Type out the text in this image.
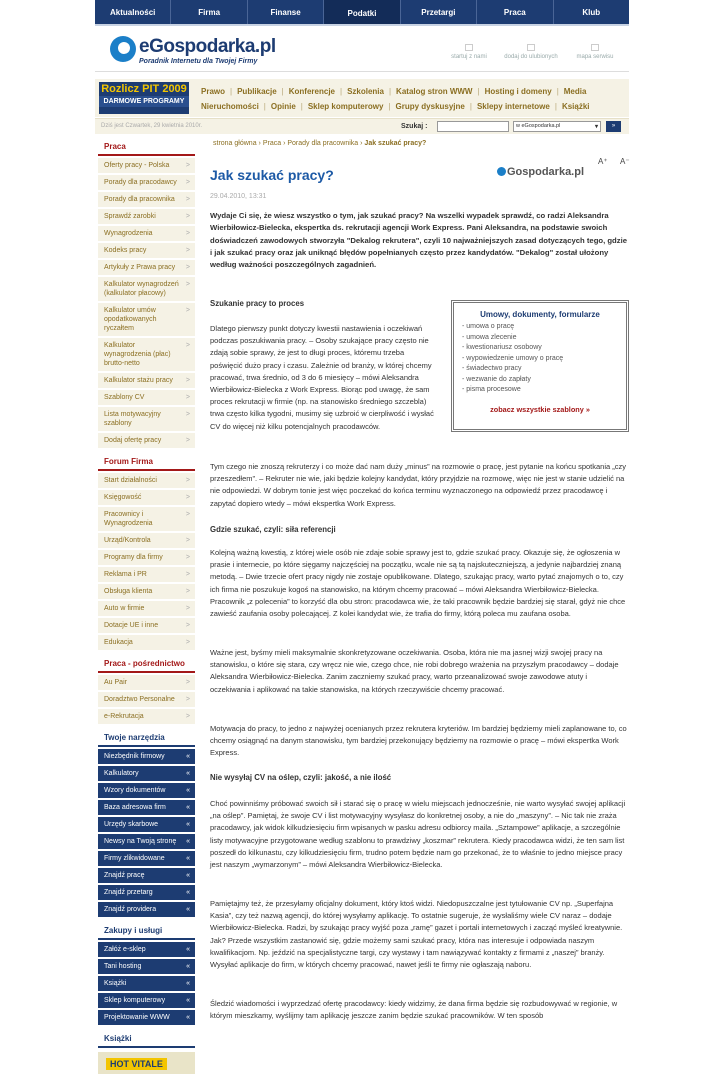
Aktualności	Firma	Finanse	Podatki	Przetargi	Praca	Klub
eGospodarka.pl
Poradnik Internetu dla Twojej Firmy
startuj z nami	dodaj do ulubionych	mapa serwisu
Rozlicz PIT 2009
DARMOWE PROGRAMY
Prawo | Publikacje | Konferencje | Szkolenia | Katalog stron WWW | Hosting i domeny | Media
Nieruchomości | Opinie | Sklep komputerowy | Grupy dyskusyjne | Sklepy internetowe | Książki
Dziś jest Czwartek, 29 kwietnia 2010r.	Szukaj :	w eGospodarka.pl	▾	»
Praca
Oferty pracy - Polska >
Porady dla pracodawcy >
Porady dla pracownika >
Sprawdź zarobki >
Wynagrodzenia >
Kodeks pracy >
Artykuły z Prawa pracy >
Kalkulator wynagrodzeń (kalkulator płacowy) >
Kalkulator umów opodatkowanych ryczałtem >
Kalkulator wynagrodzenia (płac) brutto-netto >
Kalkulator stażu pracy >
Szablony CV >
Lista motywacyjny szablony >
Dodaj ofertę pracy >
Forum Firma
Start działalności >
Księgowość >
Pracownicy i Wynagrodzenia >
Urząd/Kontrola >
Programy dla firmy >
Reklama i PR >
Obsługa klienta >
Auto w firmie >
Dotacje UE i inne >
Edukacja >
Praca - pośrednictwo
Au Pair >
Doradztwo Personalne >
e-Rekrutacja >
Twoje narzędzia
Niezbędnik firmowy «
Kalkulatory «
Wzory dokumentów «
Baza adresowa firm «
Urzędy skarbowe «
Newsy na Twoją stronę «
Firmy zlikwidowane «
Znajdź pracę «
Znajdź przetarg «
Znajdź providera «
Zakupy i usługi
Załóż e-sklep «
Tani hosting «
Książki «
Sklep komputerowy «
Projektowanie WWW «
Książki
HOT VITALE
strona główna › Praca › Porady dla pracownika › Jak szukać pracy?
A⁺ A⁻
Jak szukać pracy?	Gospodarka.pl
29.04.2010, 13:31

Wydaje Ci się, że wiesz wszystko o tym, jak szukać pracy? Na wszelki wypadek sprawdź, co radzi Aleksandra Wierbiłowicz-Bielecka, ekspertka ds. rekrutacji agencji Work Express. Pani Aleksandra, na podstawie swoich doświadczeń zawodowych stworzyła "Dekalog rekrutera", czyli 10 najważniejszych zasad dotyczących tego, gdzie i jak szukać pracy oraz jak uniknąć błędów popełnianych często przez kandydatów. "Dekalog" został ułożony według ważności poszczególnych zagadnień.

Szukanie pracy to proces

Dlatego pierwszy punkt dotyczy kwestii nastawienia i oczekiwań podczas poszukiwania pracy. – Osoby szukające pracy często nie zdają sobie sprawy, że jest to długi proces, któremu trzeba poświęcić dużo pracy i czasu. Zależnie od branży, w której chcemy pracować, trwa średnio, od 3 do 6 miesięcy – mówi Aleksandra Wierbiłowicz-Bielecka z Work Express. Biorąc pod uwagę, że sam proces rekrutacji w firmie (np. na stanowisko średniego szczebla) trwa często kilka tygodni, musimy się uzbroić w cierpliwość i wysłać CV do więcej niż kilku potencjalnych pracodawców.

Umowy, dokumenty, formularze
- umowa o pracę
- umowa zlecenie
- kwestionariusz osobowy
- wypowiedzenie umowy o pracę
- świadectwo pracy
- wezwanie do zapłaty
- pisma procesowe
zobacz wszystkie szablony »

Tym czego nie znoszą rekruterzy i co może dać nam duży „minus” na rozmowie o pracę, jest pytanie na końcu spotkania „czy przeszedłem”. – Rekruter nie wie, jaki będzie kolejny kandydat, który przyjdzie na rozmowę, więc nie jest w stanie udzielić na nie odpowiedzi. W dobrym tonie jest więc poczekać do końca terminu wyznaczonego na odpowiedź przez pracodawcę i zapytać dopiero wtedy – mówi ekspertka Work Express.

Gdzie szukać, czyli: siła referencji

Kolejną ważną kwestią, z której wiele osób nie zdaje sobie sprawy jest to, gdzie szukać pracy. Okazuje się, że ogłoszenia w prasie i internecie, po które sięgamy najczęściej na początku, wcale nie są tą najskuteczniejszą, a jedynie najbardziej znaną metodą. – Dwie trzecie ofert pracy nigdy nie zostaje opublikowane. Dlatego, szukając pracy, warto pytać znajomych o to, czy ich firma nie poszukuje kogoś na stanowisko, na którym chcemy pracować – mówi Aleksandra Wierbiłowicz-Bielecka. Pracownik „z polecenia” to korzyść dla obu stron: pracodawca wie, że taki pracownik będzie bardziej się starał, gdyż nie chce zawieść zaufania osoby polecającej. Z kolei kandydat wie, że trafia do firmy, którą poleca mu zaufana osoba.

Ważne jest, byśmy mieli maksymalnie skonkretyzowane oczekiwania. Osoba, która nie ma jasnej wizji swojej pracy na stanowisku, o które się stara, czy wręcz nie wie, czego chce, nie robi dobrego wrażenia na przyszłym pracodawcy – dodaje Aleksandra Wierbiłowicz-Bielecka. Zanim zaczniemy szukać pracy, warto przeanalizować swoje zawodowe atuty i oczekiwania i aplikować na takie stanowiska, na których rzeczywiście chcemy pracować.

Motywacja do pracy, to jedno z najwyżej ocenianych przez rekrutera kryteriów. Im bardziej będziemy mieli zaplanowane to, co chcemy osiągnąć na danym stanowisku, tym bardziej przekonujący będziemy na rozmowie o pracę – mówi ekspertka Work Express.

Nie wysyłaj CV na oślep, czyli: jakość, a nie ilość

Choć powinniśmy próbować swoich sił i starać się o pracę w wielu miejscach jednocześnie, nie warto wysyłać swojej aplikacji „na oślep”. Pamiętaj, że swoje CV i list motywacyjny wysyłasz do konkretnej osoby, a nie do „maszyny”. – Nic tak nie zraża pracodawcy, jak widok kilkudziesięciu firm wpisanych w pasku adresu odbiorcy maila. „Sztampowe” aplikacje, a szczególnie listy motywacyjne przygotowane według szablonu to prawdziwy „koszmar” rekrutera. Kiedy pracodawca widzi, że ten sam list poszedł do kilkunastu, czy kilkudziesięciu firm, trudno potem będzie nam go przekonać, że to właśnie to jedno miejsce pracy jest naszym „wymarzonym” – mówi Aleksandra Wierbiłowicz-Bielecka.

Pamiętajmy też, że przesyłamy oficjalny dokument, który ktoś widzi. Niedopuszczalne jest tytułowanie CV np. „Superfajna Kasia”, czy też nazwą agencji, do której wysyłamy aplikację. To ostatnie sugeruje, że wysłaliśmy wiele CV naraz – dodaje Wierbiłowicz-Bielecka. Radzi, by szukając pracy wyjść poza „ramę” gazet i portali internetowych i zacząć myśleć kreatywnie. Jak? Przede wszystkim zastanowić się, gdzie możemy sami szukać pracy, która nas interesuje i odpowiada naszym kwalifikacjom. Np. jeździć na specjalistyczne targi, czy wystawy i tam nawiązywać kontakty z firmami z „naszej” branży. Wysyłać aplikacje do firm, w których chcemy pracować, nawet jeśli te firmy nie ogłaszają naboru.

Śledzić wiadomości i wyprzedzać ofertę pracodawcy: kiedy widzimy, że dana firma będzie się rozbudowywać w regionie, w którym mieszkamy, wyślijmy tam aplikację jeszcze zanim będzie szukać pracowników. W ten sposób
